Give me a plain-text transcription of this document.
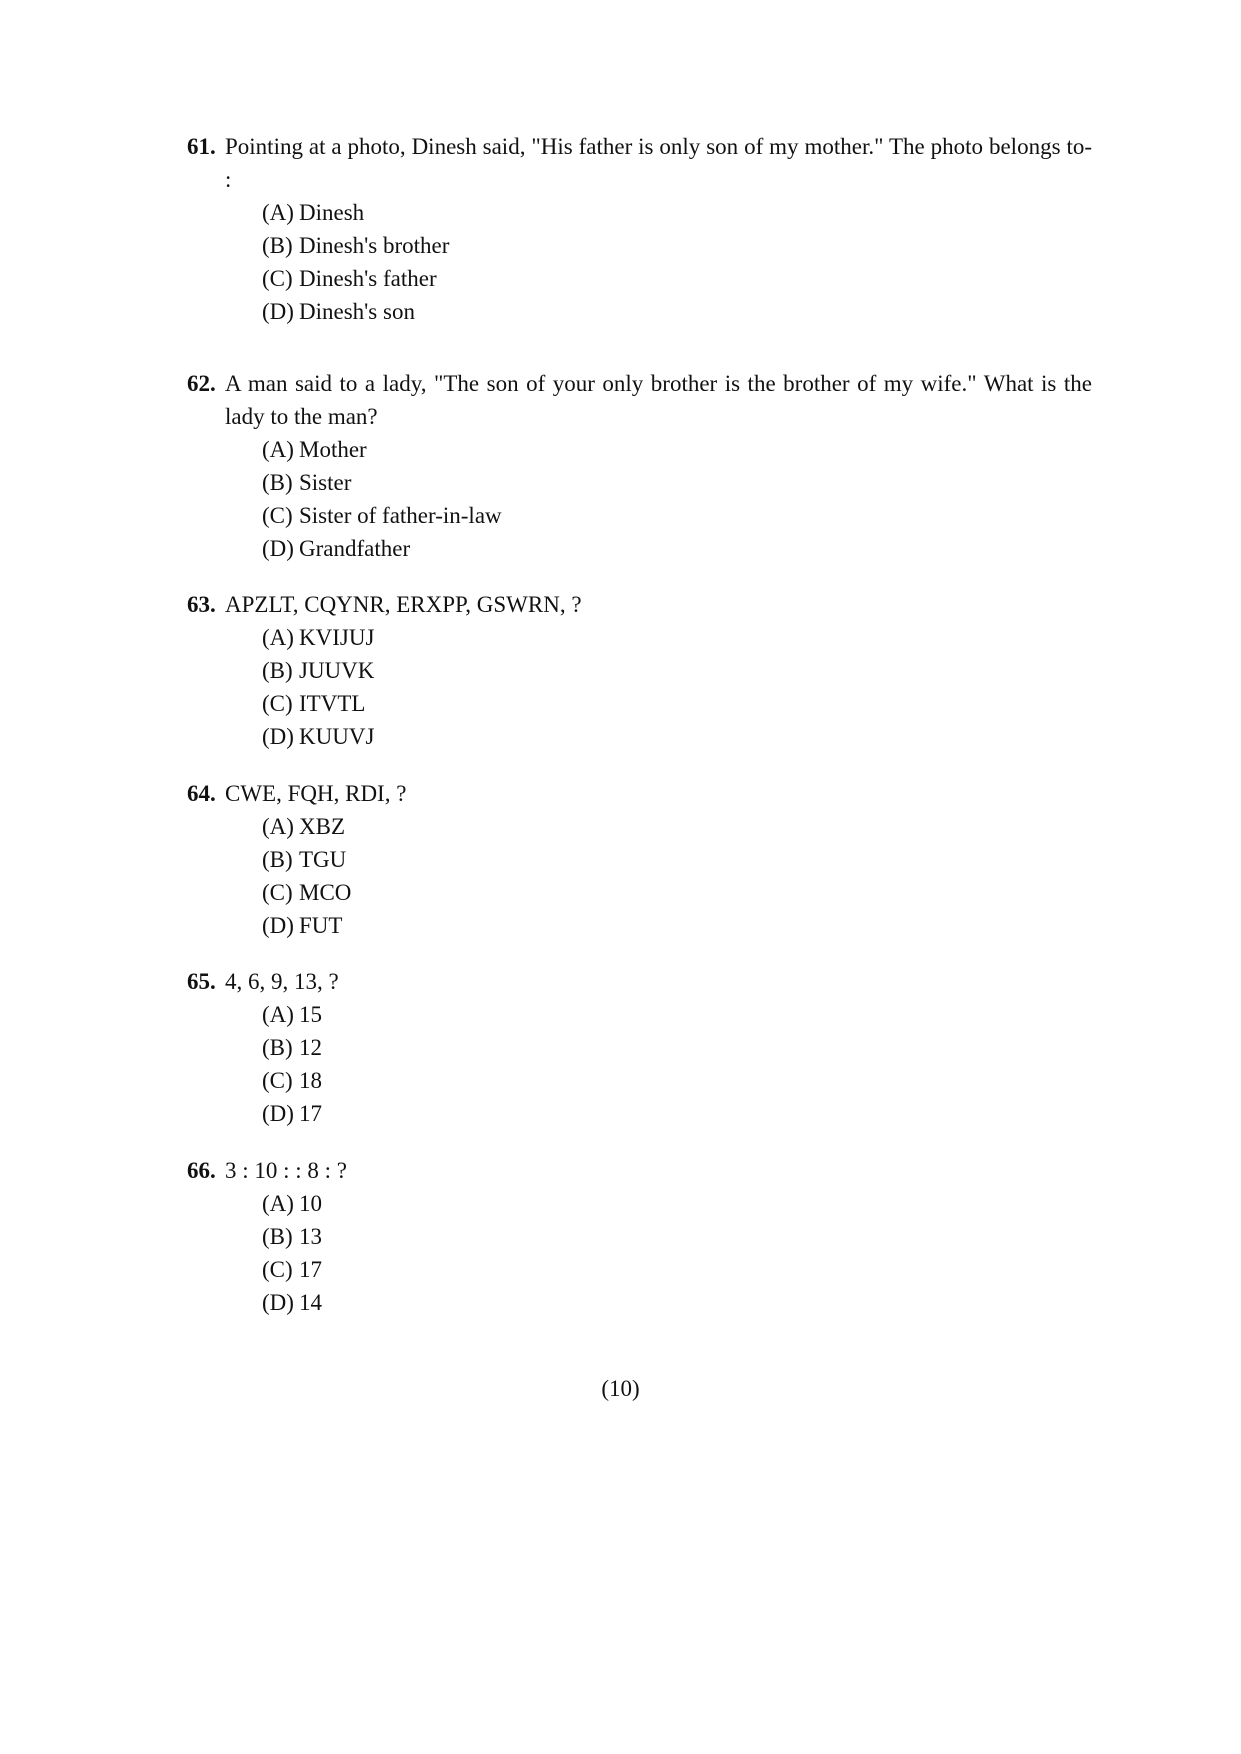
61. Pointing at a photo, Dinesh said, "His father is only son of my mother." The photo belongs to- :
(A) Dinesh
(B) Dinesh's brother
(C) Dinesh's father
(D) Dinesh's son
62. A man said to a lady, "The son of your only brother is the brother of my wife." What is the lady to the man?
(A) Mother
(B) Sister
(C) Sister of father-in-law
(D) Grandfather
63. APZLT, CQYNR, ERXPP, GSWRN, ?
(A) KVIJUJ
(B) JUUVK
(C) ITVTL
(D) KUUVJ
64. CWE, FQH, RDI, ?
(A) XBZ
(B) TGU
(C) MCO
(D) FUT
65. 4, 6, 9, 13, ?
(A) 15
(B) 12
(C) 18
(D) 17
66. 3 : 10 : : 8 : ?
(A) 10
(B) 13
(C) 17
(D) 14
(10)
